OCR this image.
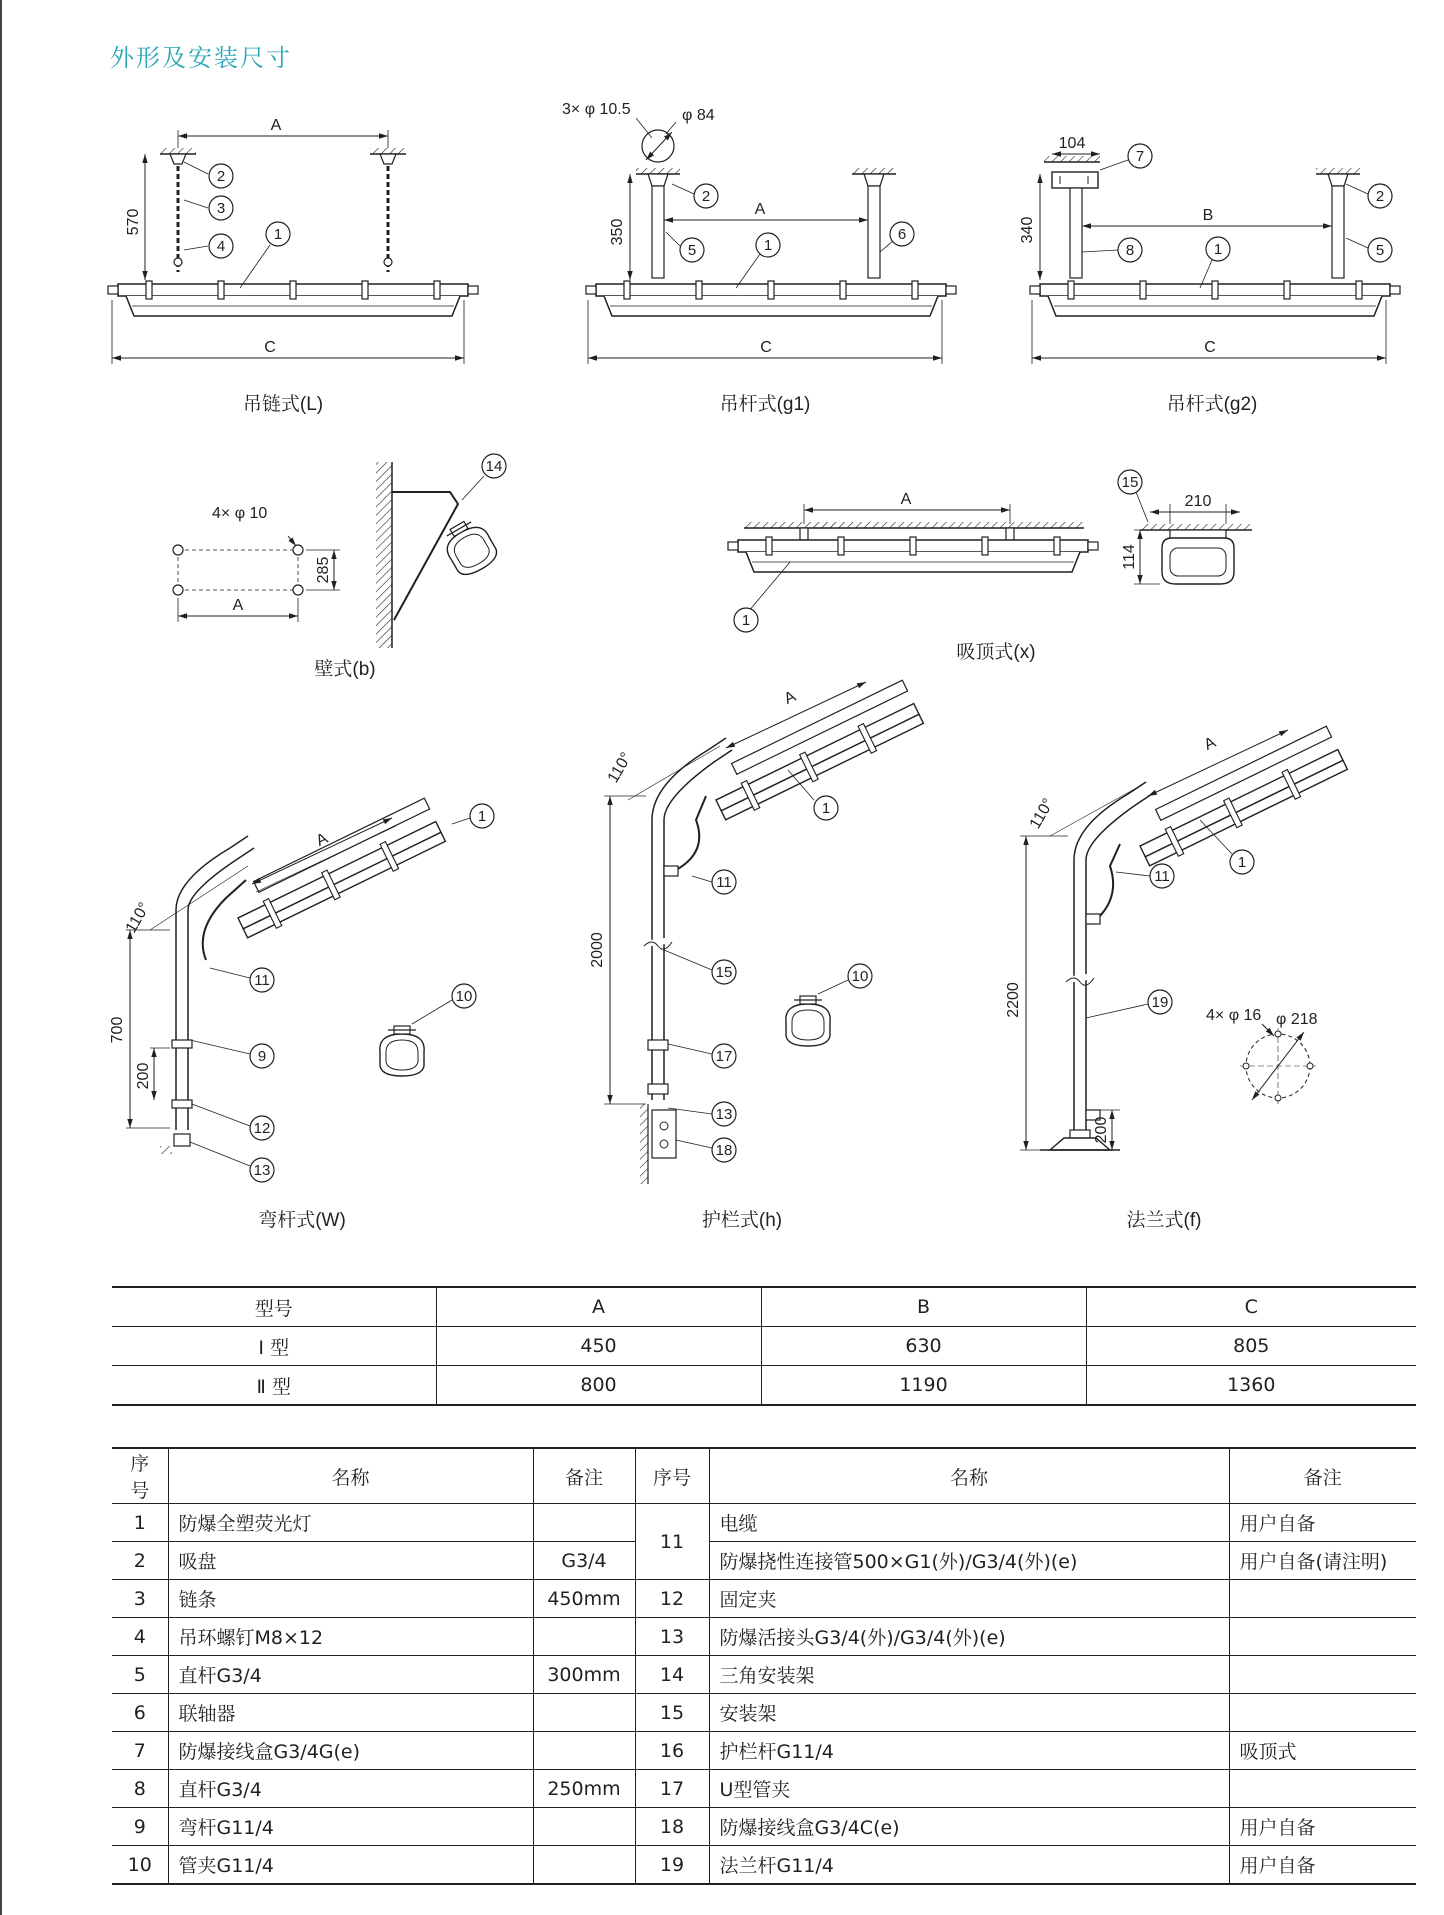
外形及安装尺寸
A
570
C
2
3
4
1
吊链式(L)
A
350
C
3× φ 10.5	φ 84
2
5	1
6
吊杆式(g1)
104
B
340
C
7
8	1
2
5
吊杆式(g2)
285
A
4× φ 10
14
壁式(b)
A
1
210
114
15
吸顶式(x)
700
200
110°
A
1
11
9
12
13
10
弯杆式(W)
2000
110°
A
1
11
15
17
13
18
10
护栏式(h)
2200
200
110°
A
1
11
19
4× φ 16 φ 218
法兰式(f)
型号	A	B	C
Ⅰ 型	450	630	805
Ⅱ 型	800	1190	1360
序号	名称	备注	序号	名称	备注
1	防爆全塑荧光灯		11	电缆	用户自备
2	吸盘	G3/4		防爆挠性连接管500×G1(外)/G3/4(外)(e)	用户自备(请注明)
3	链条	450mm	12	固定夹	
4	吊环螺钉M8×12		13	防爆活接头G3/4(外)/G3/4(外)(e)	
5	直杆G3/4	300mm	14	三角安装架	
6	联轴器		15	安装架	
7	防爆接线盒G3/4G(e)		16	护栏杆G11/4	吸顶式
8	直杆G3/4	250mm	17	U型管夹	
9	弯杆G11/4		18	防爆接线盒G3/4C(e)	用户自备
10	管夹G11/4		19	法兰杆G11/4	用户自备
